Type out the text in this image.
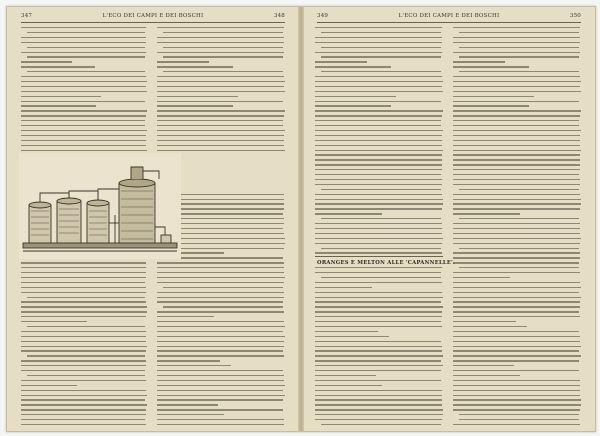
347	L'ECO DEI CAMPI E DEI BOSCHI	348	349	L'ECO DEI CAMPI E DEI BOSCHI	350
ORANGES E MELTON ALLE 'CAPANNELLE'.
